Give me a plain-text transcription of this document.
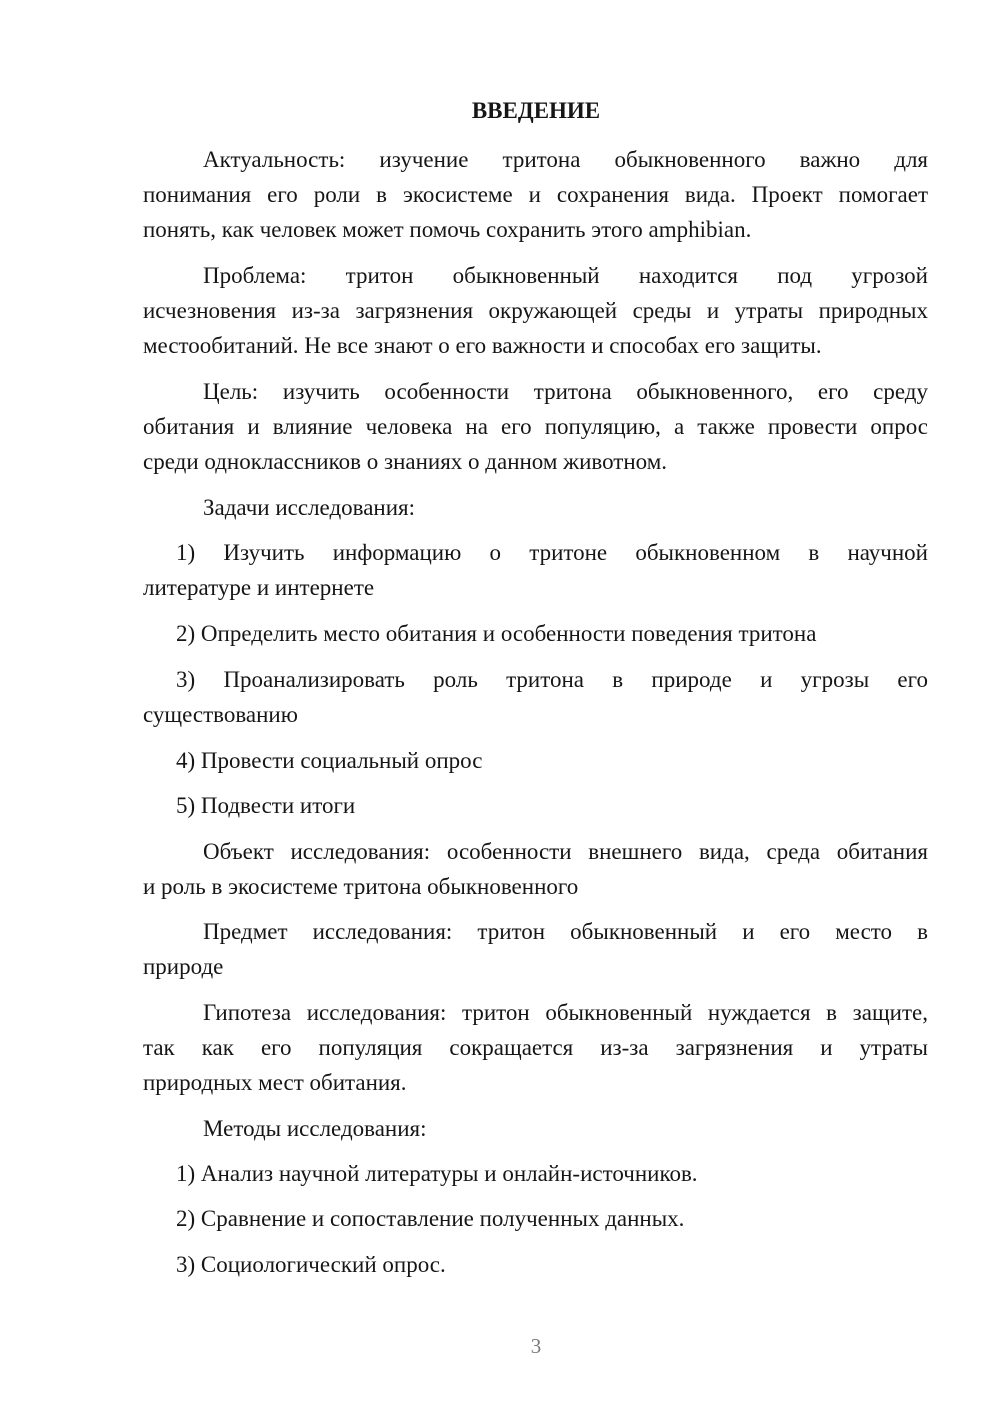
ВВЕДЕНИЕ
Актуальность: изучение тритона обыкновенного важно для
понимания его роли в экосистеме и сохранения вида. Проект помогает
понять, как человек может помочь сохранить этого amphibian.
Проблема: тритон обыкновенный находится под угрозой
исчезновения из-за загрязнения окружающей среды и утраты природных
местообитаний. Не все знают о его важности и способах его защиты.
Цель: изучить особенности тритона обыкновенного, его среду
обитания и влияние человека на его популяцию, а также провести опрос
среди одноклассников о знаниях о данном животном.
Задачи исследования:
1) Изучить информацию о тритоне обыкновенном в научной
литературе и интернете
2) Определить место обитания и особенности поведения тритона
3) Проанализировать роль тритона в природе и угрозы его
существованию
4) Провести социальный опрос
5) Подвести итоги
Объект исследования: особенности внешнего вида, среда обитания
и роль в экосистеме тритона обыкновенного
Предмет исследования: тритон обыкновенный и его место в
природе
Гипотеза исследования: тритон обыкновенный нуждается в защите,
так как его популяция сокращается из-за загрязнения и утраты
природных мест обитания.
Методы исследования:
1) Анализ научной литературы и онлайн-источников.
2) Сравнение и сопоставление полученных данных.
3) Социологический опрос.
3
